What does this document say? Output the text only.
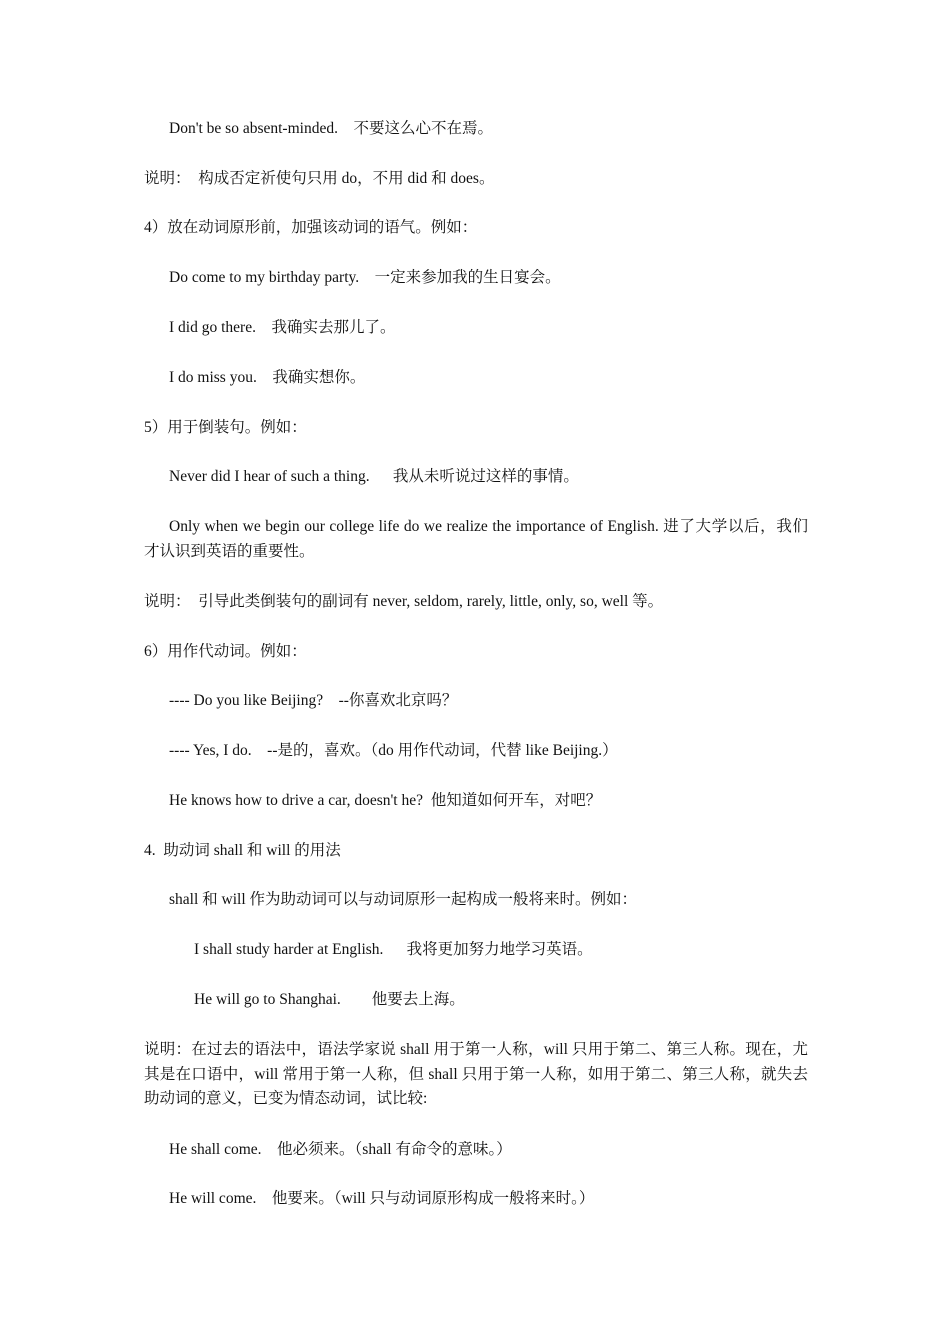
Don't be so absent-minded.    不要这么心不在焉。
说明：  构成否定祈使句只用 do，不用 did 和 does。
4）放在动词原形前，加强该动词的语气。例如：
Do come to my birthday party.    一定来参加我的生日宴会。
I did go there.    我确实去那儿了。
I do miss you.    我确实想你。
5）用于倒装句。例如：
Never did I hear of such a thing.      我从未听说过这样的事情。
Only when we begin our college life do we realize the importance of English. 进了大学以后，我们才认识到英语的重要性。
说明：  引导此类倒装句的副词有 never, seldom, rarely, little, only, so, well 等。
6）用作代动词。例如：
---- Do you like Beijing?    --你喜欢北京吗？
---- Yes, I do.    --是的，喜欢。（do 用作代动词，代替 like Beijing.）
He knows how to drive a car, doesn't he?  他知道如何开车，对吧？
4.  助动词 shall 和 will 的用法
shall 和 will 作为助动词可以与动词原形一起构成一般将来时。例如：
I shall study harder at English.      我将更加努力地学习英语。
He will go to Shanghai.        他要去上海。
说明：在过去的语法中，语法学家说 shall 用于第一人称，will 只用于第二、第三人称。现在，尤其是在口语中，will 常用于第一人称，但 shall 只用于第一人称，如用于第二、第三人称，就失去助动词的意义，已变为情态动词，试比较:
He shall come.    他必须来。（shall 有命令的意味。）
He will come.    他要来。（will 只与动词原形构成一般将来时。）
